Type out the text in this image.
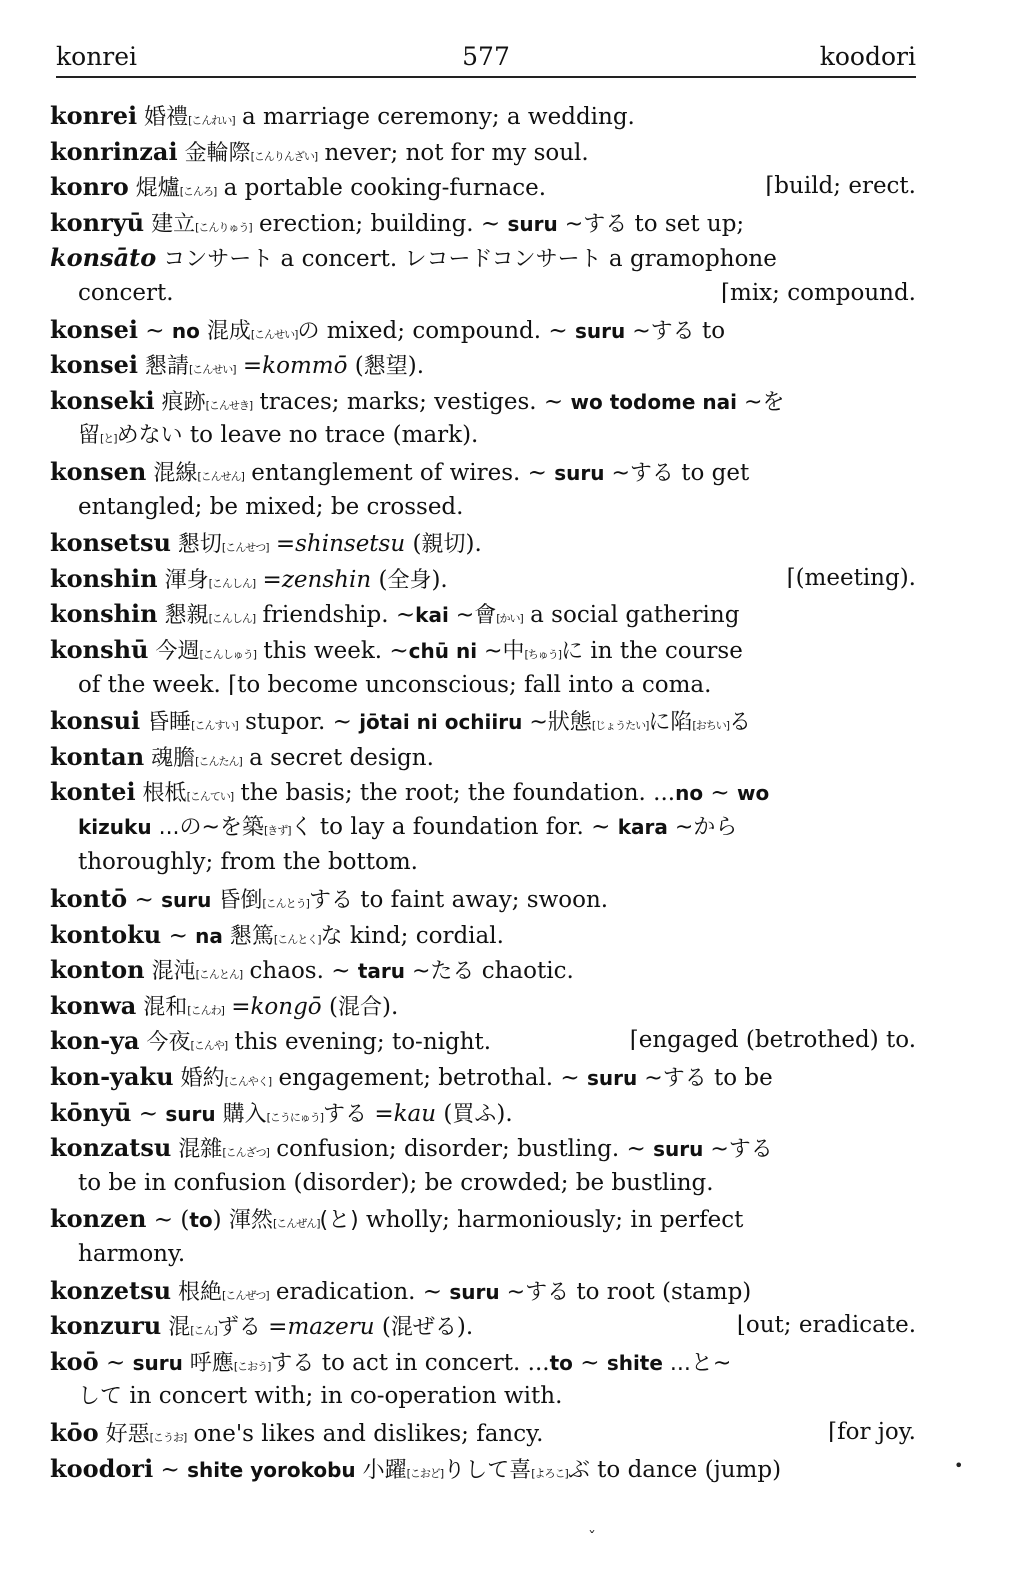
konrei	577	koodori
konrei 婚禮[こんれい] a marriage ceremony; a wedding.
konrinzai 金輪際[こんりんざい] never; not for my soul.
konro 焜爐[こんろ] a portable cooking-furnace.	⌈build; erect.
konryū 建立[こんりゅう] erection; building. ~ suru ~する to set up;
konsāto コンサート a concert. レコードコンサート a gramophone
concert.	⌈mix; compound.
konsei ~ no 混成[こんせい]の mixed; compound. ~ suru ~する to
konsei 懇請[こんせい] =kommō (懇望).
konseki 痕跡[こんせき] traces; marks; vestiges. ~ wo todome nai ~を
留[と]めない to leave no trace (mark).
konsen 混線[こんせん] entanglement of wires. ~ suru ~する to get
entangled; be mixed; be crossed.
konsetsu 懇切[こんせつ] =shinsetsu (親切).
konshin 渾身[こんしん] =zenshin (全身).	⌈(meeting).
konshin 懇親[こんしん] friendship. ~kai ~會[かい] a social gathering
konshū 今週[こんしゅう] this week. ~chū ni ~中[ちゅう]に in the course
of the week. ⌈to become unconscious; fall into a coma.
konsui 昏睡[こんすい] stupor. ~ jōtai ni ochiiru ~狀態[じょうたい]に陷[おちい]る
kontan 魂膽[こんたん] a secret design.
kontei 根柢[こんてい] the basis; the root; the foundation. ...no ~ wo
kizuku ...の~を築[きず]く to lay a foundation for. ~ kara ~から
thoroughly; from the bottom.
kontō ~ suru 昏倒[こんとう]する to faint away; swoon.
kontoku ~ na 懇篤[こんとく]な kind; cordial.
konton 混沌[こんとん] chaos. ~ taru ~たる chaotic.
konwa 混和[こんわ] =kongō (混合).
kon-ya 今夜[こんや] this evening; to-night.	⌈engaged (betrothed) to.
kon-yaku 婚約[こんやく] engagement; betrothal. ~ suru ~する to be
kōnyū ~ suru 購入[こうにゅう]する =kau (買ふ).
konzatsu 混雜[こんざつ] confusion; disorder; bustling. ~ suru ~する
to be in confusion (disorder); be crowded; be bustling.
konzen ~ (to) 渾然[こんぜん](と) wholly; harmoniously; in perfect
harmony.
konzetsu 根絶[こんぜつ] eradication. ~ suru ~する to root (stamp)
konzuru 混[こん]ずる =mazeru (混ぜる).	⌊out; eradicate.
koō ~ suru 呼應[こおう]する to act in concert. ...to ~ shite ...と~
して in concert with; in co-operation with.
kōo 好惡[こうお] one's likes and dislikes; fancy.	⌈for joy.
koodori ~ shite yorokobu 小躍[こおど]りして喜[よろこ]ぶ to dance (jump)
ˇ
•
